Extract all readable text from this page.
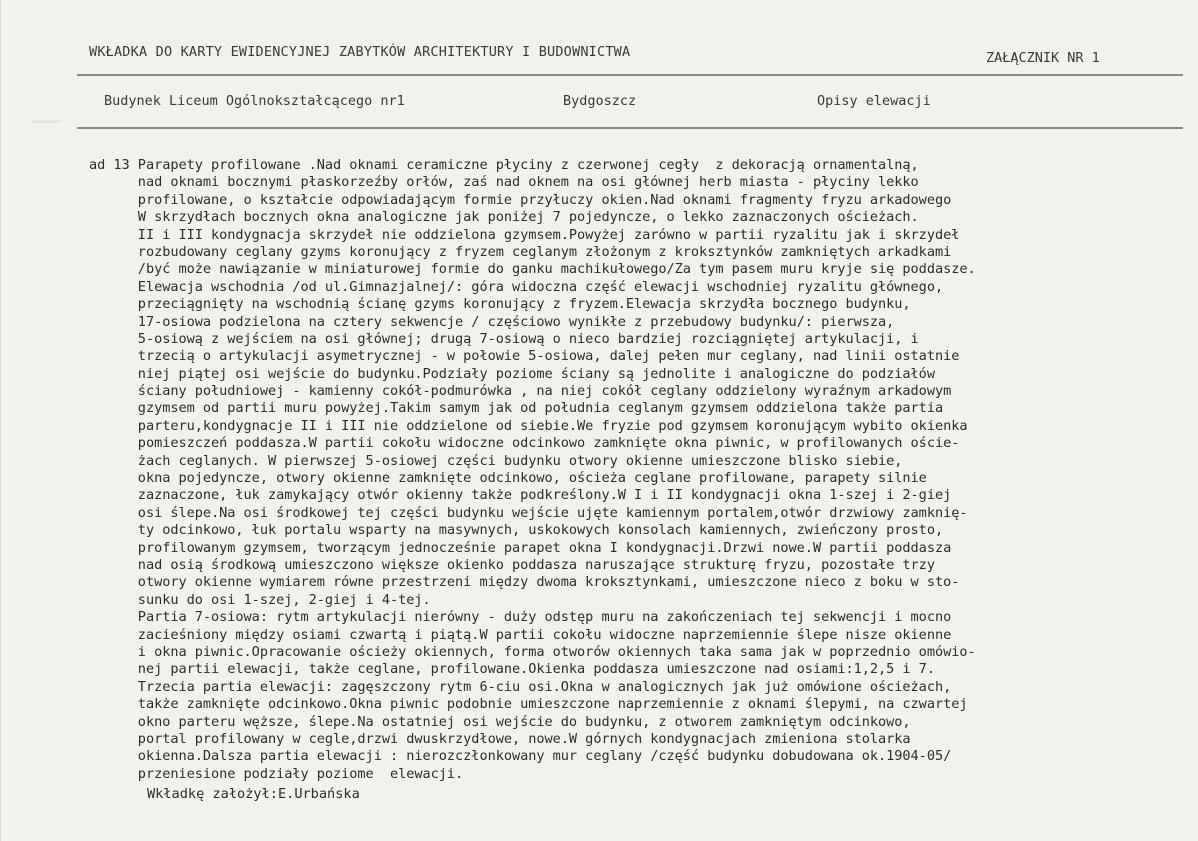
WKŁADKA DO KARTY EWIDENCYJNEJ ZABYTKÓW ARCHITEKTURY I BUDOWNICTWA	ZAŁĄCZNIK NR 1
Budynek Liceum Ogólnokształcącego nr1	Bydgoszcz	Opisy elewacji
ad 13 Parapety profilowane .Nad oknami ceramiczne płyciny z czerwonej cegły  z dekoracją ornamentalną,
nad oknami bocznymi płaskorzeźby orłów, zaś nad oknem na osi głównej herb miasta - płyciny lekko
profilowane, o kształcie odpowiadającym formie przyłuczy okien.Nad oknami fragmenty fryzu arkadowego
W skrzydłach bocznych okna analogiczne jak poniżej 7 pojedyncze, o lekko zaznaczonych ościeżach.
II i III kondygnacja skrzydeł nie oddzielona gzymsem.Powyżej zarówno w partii ryzalitu jak i skrzydeł
rozbudowany ceglany gzyms koronujący z fryzem ceglanym złożonym z kroksztynków zamkniętych arkadkami
/być może nawiązanie w miniaturowej formie do ganku machikułowego/Za tym pasem muru kryje się poddasze.
Elewacja wschodnia /od ul.Gimnazjalnej/: góra widoczna część elewacji wschodniej ryzalitu głównego,
przeciągnięty na wschodnią ścianę gzyms koronujący z fryzem.Elewacja skrzydła bocznego budynku,
17-osiowa podzielona na cztery sekwencje / częściowo wynikłe z przebudowy budynku/: pierwsza,
5-osiową z wejściem na osi głównej; drugą 7-osiową o nieco bardziej rozciągniętej artykulacji, i
trzecią o artykulacji asymetrycznej - w połowie 5-osiowa, dalej pełen mur ceglany, nad linii ostatnie
niej piątej osi wejście do budynku.Podziały poziome ściany są jednolite i analogiczne do podziałów
ściany południowej - kamienny cokół-podmurówka , na niej cokół ceglany oddzielony wyraźnym arkadowym
gzymsem od partii muru powyżej.Takim samym jak od południa ceglanym gzymsem oddzielona także partia
parteru,kondygnacje II i III nie oddzielone od siebie.We fryzie pod gzymsem koronującym wybito okienka
pomieszczeń poddasza.W partii cokołu widoczne odcinkowo zamknięte okna piwnic, w profilowanych oście-
żach ceglanych. W pierwszej 5-osiowej części budynku otwory okienne umieszczone blisko siebie,
okna pojedyncze, otwory okienne zamknięte odcinkowo, ościeża ceglane profilowane, parapety silnie
zaznaczone, łuk zamykający otwór okienny także podkreślony.W I i II kondygnacji okna 1-szej i 2-giej
osi ślepe.Na osi środkowej tej części budynku wejście ujęte kamiennym portalem,otwór drzwiowy zamknię-
ty odcinkowo, łuk portalu wsparty na masywnych, uskokowych konsolach kamiennych, zwieńczony prosto,
profilowanym gzymsem, tworzącym jednocześnie parapet okna I kondygnacji.Drzwi nowe.W partii poddasza
nad osią środkową umieszczono większe okienko poddasza naruszające strukturę fryzu, pozostałe trzy
otwory okienne wymiarem równe przestrzeni między dwoma kroksztynkami, umieszczone nieco z boku w sto-
sunku do osi 1-szej, 2-giej i 4-tej.
Partia 7-osiowa: rytm artykulacji nierówny - duży odstęp muru na zakończeniach tej sekwencji i mocno
zacieśniony między osiami czwartą i piątą.W partii cokołu widoczne naprzemiennie ślepe nisze okienne
i okna piwnic.Opracowanie ościeży okiennych, forma otworów okiennych taka sama jak w poprzednio omówio-
nej partii elewacji, także ceglane, profilowane.Okienka poddasza umieszczone nad osiami:1,2,5 i 7.
Trzecia partia elewacji: zagęszczony rytm 6-ciu osi.Okna w analogicznych jak już omówione ościeżach,
także zamknięte odcinkowo.Okna piwnic podobnie umieszczone naprzemiennie z oknami ślepymi, na czwartej
okno parteru węższe, ślepe.Na ostatniej osi wejście do budynku, z otworem zamkniętym odcinkowo,
portal profilowany w cegle,drzwi dwuskrzydłowe, nowe.W górnych kondygnacjach zmieniona stolarka
okienna.Dalsza partia elewacji : nierozczłonkowany mur ceglany /część budynku dobudowana ok.1904-05/
przeniesione podziały poziome  elewacji.
Wkładkę założył:E.Urbańska
